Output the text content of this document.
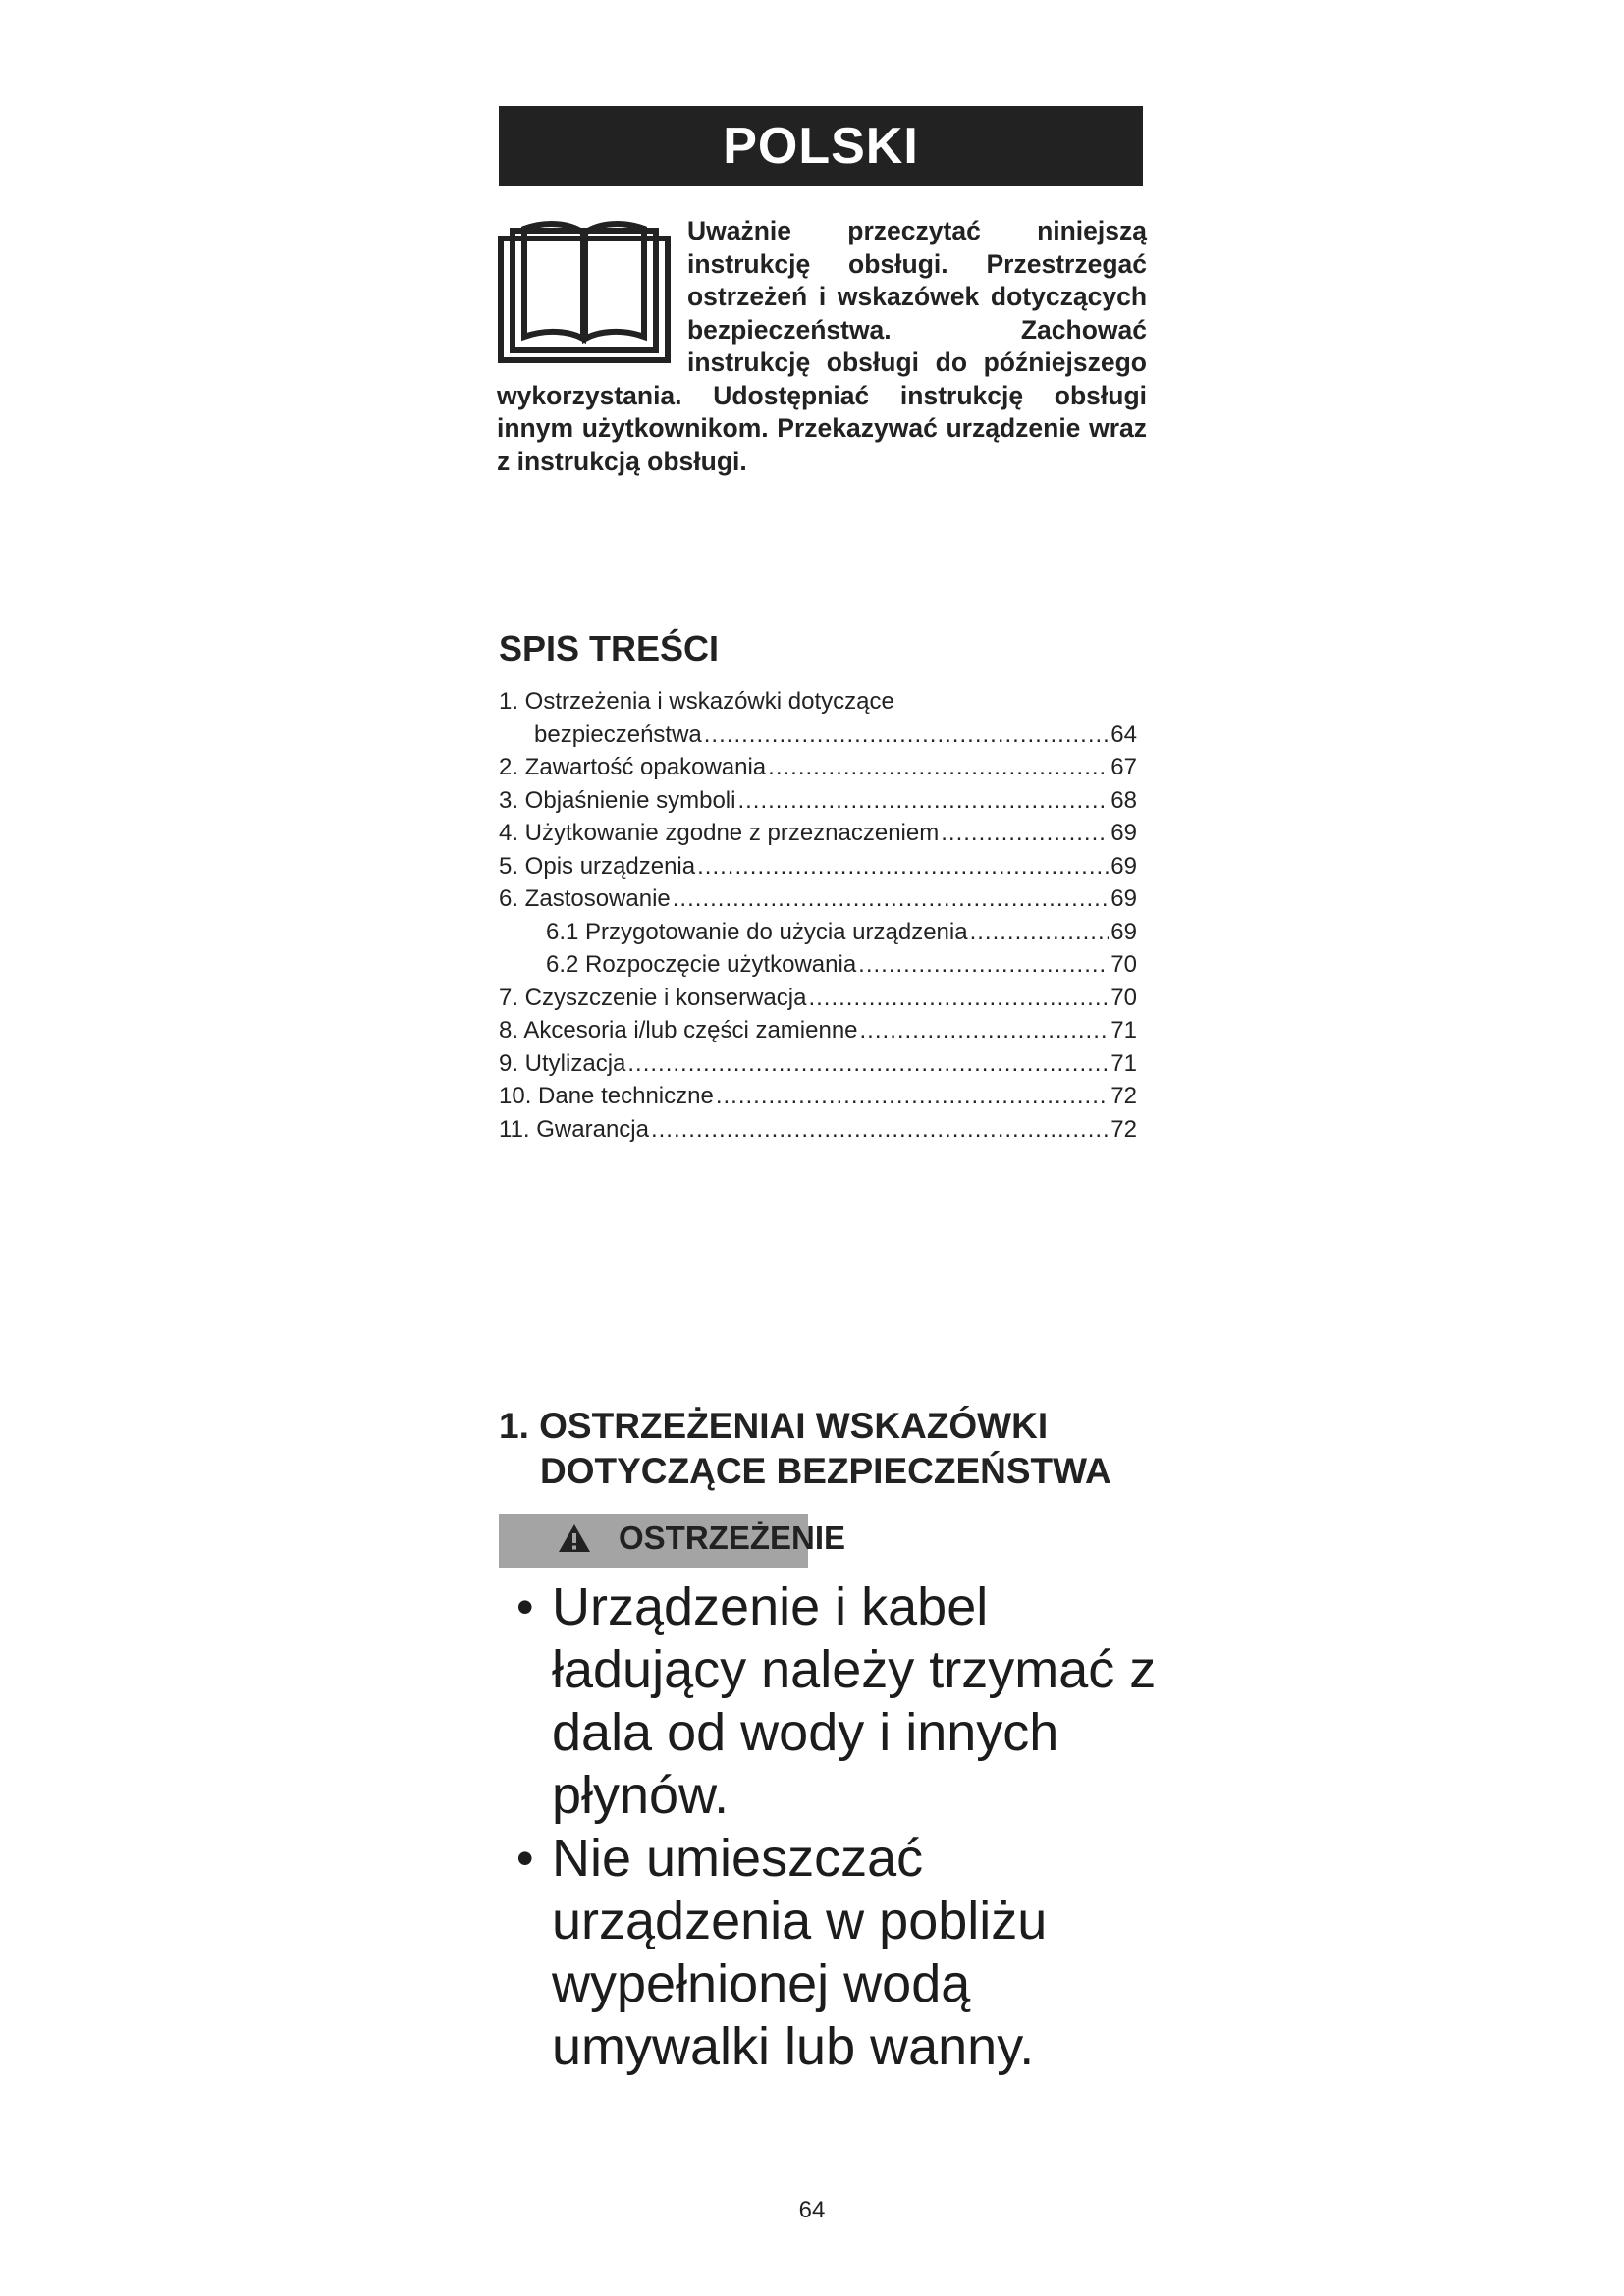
POLSKI
Uważnie przeczytać niniejszą instrukcję obsługi. Przestrzegać ostrzeżeń i wskazówek dotyczących bezpieczeństwa. Zachować instrukcję obsługi do późniejszego wykorzystania. Udostępniać instrukcję obsługi innym użytkownikom. Przekazywać urządzenie wraz z instrukcją obsługi.
SPIS TREŚCI
1. Ostrzeżenia i wskazówki dotyczące
bezpieczeństwa .....	64
2. Zawartość opakowania .....	67
3. Objaśnienie symboli .....	68
4. Użytkowanie zgodne z przeznaczeniem .....	69
5. Opis urządzenia .....	69
6. Zastosowanie .....	69
6.1 Przygotowanie do użycia urządzenia .....	69
6.2 Rozpoczęcie użytkowania .....	70
7. Czyszczenie i konserwacja .....	70
8. Akcesoria i/lub części zamienne .....	71
9. Utylizacja .....	71
10. Dane techniczne .....	72
11. Gwarancja .....	72
1. OSTRZEŻENIAI WSKAZÓWKI
DOTYCZĄCE BEZPIECZEŃSTWA
OSTRZEŻENIE
• Urządzenie i kabel ładujący należy trzymać z dala od wody i innych płynów.
• Nie umieszczać urządzenia w pobliżu wypełnionej wodą umywalki lub wanny.
64
